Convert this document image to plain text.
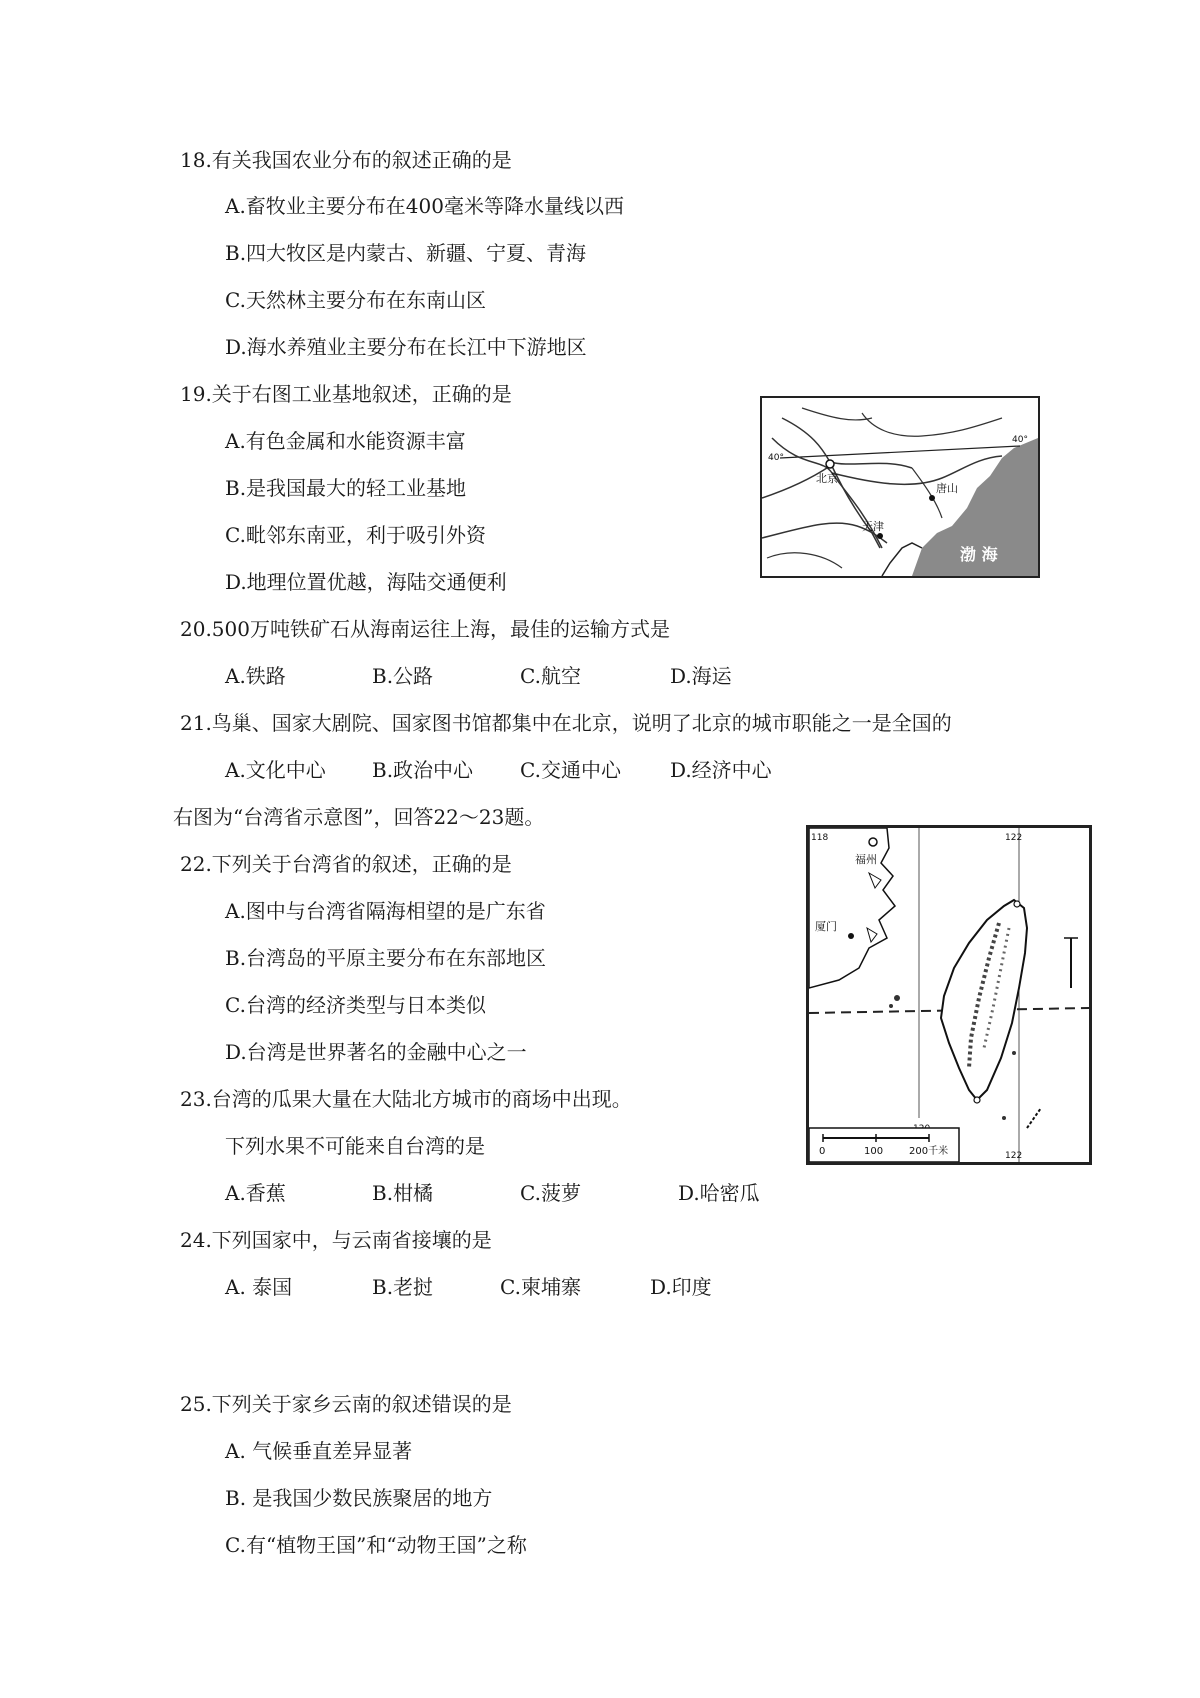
18.有关我国农业分布的叙述正确的是
A.畜牧业主要分布在400毫米等降水量线以西
B.四大牧区是内蒙古、新疆、宁夏、青海
C.天然林主要分布在东南山区
D.海水养殖业主要分布在长江中下游地区
19.关于右图工业基地叙述，正确的是
A.有色金属和水能资源丰富
B.是我国最大的轻工业基地
C.毗邻东南亚，利于吸引外资
D.地理位置优越，海陆交通便利
北京
天津
唐山
渤 海
40°
40°
20.500万吨铁矿石从海南运往上海，最佳的运输方式是
A.铁路	B.公路	C.航空	D.海运
21.鸟巢、国家大剧院、国家图书馆都集中在北京，说明了北京的城市职能之一是全国的
A.文化中心 B.政治中心 C.交通中心 D.经济中心
右图为“台湾省示意图”，回答22～23题。
22.下列关于台湾省的叙述，正确的是
A.图中与台湾省隔海相望的是广东省
B.台湾岛的平原主要分布在东部地区
C.台湾的经济类型与日本类似
D.台湾是世界著名的金融中心之一
福州
厦门
118	122
122
0	100	200千米
23.台湾的瓜果大量在大陆北方城市的商场中出现。
下列水果不可能来自台湾的是
A.香蕉	B.柑橘	C.菠萝	D.哈密瓜
24.下列国家中，与云南省接壤的是
A. 泰国	B.老挝	C.柬埔寨	D.印度
25.下列关于家乡云南的叙述错误的是
A. 气候垂直差异显著
B. 是我国少数民族聚居的地方
C.有“植物王国”和“动物王国”之称
